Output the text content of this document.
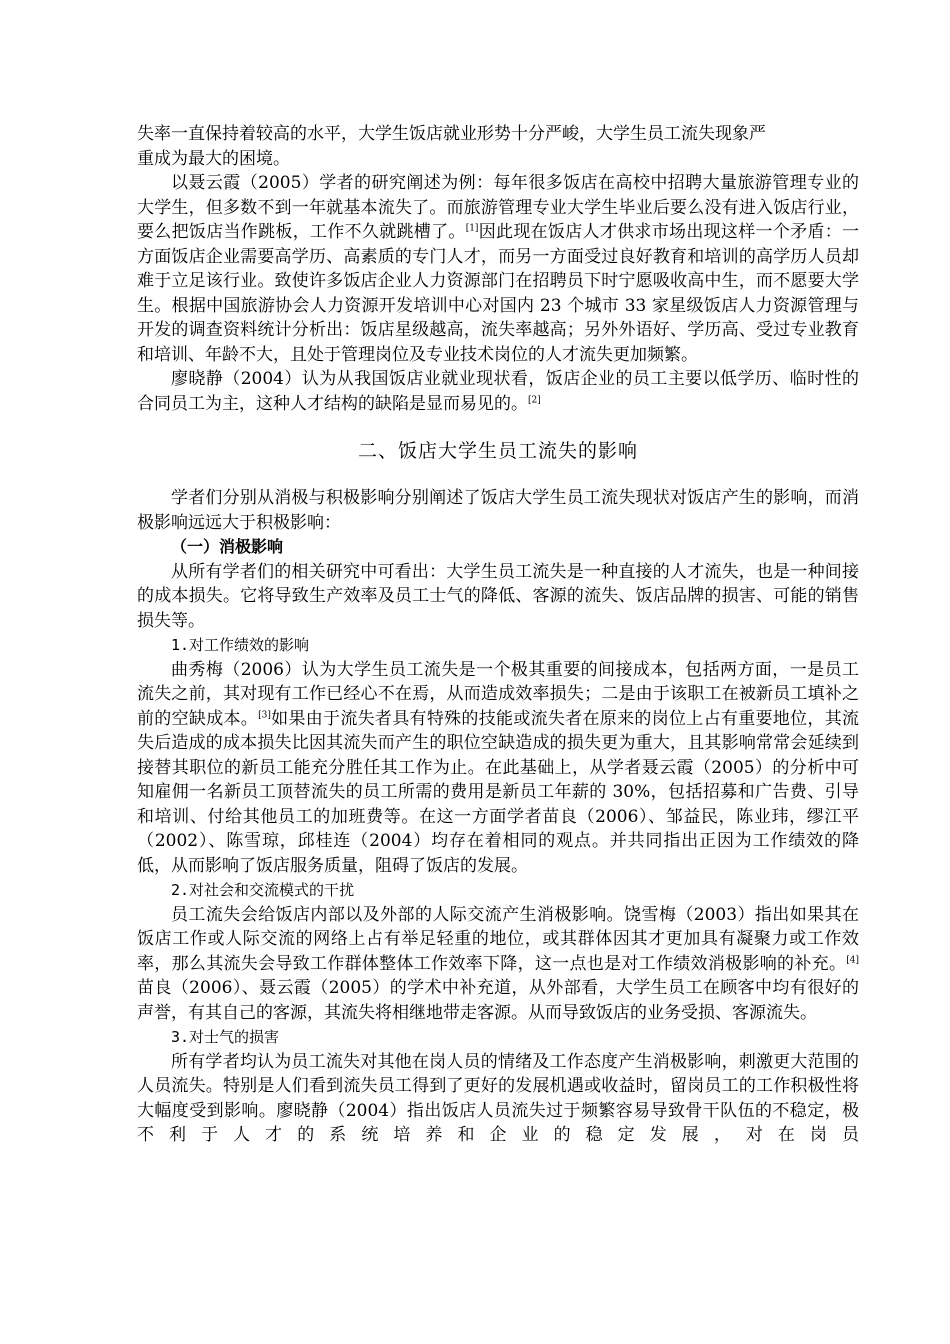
失率一直保持着较高的水平，大学生饭店就业形势十分严峻，大学生员工流失现象严
重成为最大的困境。

以聂云霞（2005）学者的研究阐述为例：每年很多饭店在高校中招聘大量旅游管理专业的大学生，但多数不到一年就基本流失了。而旅游管理专业大学生毕业后要么没有进入饭店行业，要么把饭店当作跳板，工作不久就跳槽了。[1]因此现在饭店人才供求市场出现这样一个矛盾：一方面饭店企业需要高学历、高素质的专门人才，而另一方面受过良好教育和培训的高学历人员却难于立足该行业。致使许多饭店企业人力资源部门在招聘员下时宁愿吸收高中生，而不愿要大学生。根据中国旅游协会人力资源开发培训中心对国内 23 个城市 33 家星级饭店人力资源管理与开发的调查资料统计分析出：饭店星级越高，流失率越高；另外外语好、学历高、受过专业教育和培训、年龄不大，且处于管理岗位及专业技术岗位的人才流失更加频繁。

廖晓静（2004）认为从我国饭店业就业现状看，饭店企业的员工主要以低学历、临时性的合同员工为主，这种人才结构的缺陷是显而易见的。[2]

二、饭店大学生员工流失的影响

学者们分别从消极与积极影响分别阐述了饭店大学生员工流失现状对饭店产生的影响，而消极影响远远大于积极影响：

（一）消极影响

从所有学者们的相关研究中可看出：大学生员工流失是一种直接的人才流失，也是一种间接的成本损失。它将导致生产效率及员工士气的降低、客源的流失、饭店品牌的损害、可能的销售损失等。

1.对工作绩效的影响

曲秀梅（2006）认为大学生员工流失是一个极其重要的间接成本，包括两方面，一是员工流失之前，其对现有工作已经心不在焉，从而造成效率损失；二是由于该职工在被新员工填补之前的空缺成本。[3]如果由于流失者具有特殊的技能或流失者在原来的岗位上占有重要地位，其流失后造成的成本损失比因其流失而产生的职位空缺造成的损失更为重大，且其影响常常会延续到接替其职位的新员工能充分胜任其工作为止。在此基础上，从学者聂云霞（2005）的分析中可知雇佣一名新员工顶替流失的员工所需的费用是新员工年薪的 30%，包括招募和广告费、引导和培训、付给其他员工的加班费等。在这一方面学者苗良（2006）、邹益民，陈业玮，缪江平（2002）、陈雪琼，邱桂连（2004）均存在着相同的观点。并共同指出正因为工作绩效的降低，从而影响了饭店服务质量，阻碍了饭店的发展。

2.对社会和交流模式的干扰

员工流失会给饭店内部以及外部的人际交流产生消极影响。饶雪梅（2003）指出如果其在饭店工作或人际交流的网络上占有举足轻重的地位，或其群体因其才更加具有凝聚力或工作效率，那么其流失会导致工作群体整体工作效率下降，这一点也是对工作绩效消极影响的补充。[4]苗良（2006）、聂云霞（2005）的学术中补充道，从外部看，大学生员工在顾客中均有很好的声誉，有其自己的客源，其流失将相继地带走客源。从而导致饭店的业务受损、客源流失。

3.对士气的损害

所有学者均认为员工流失对其他在岗人员的情绪及工作态度产生消极影响，刺激更大范围的人员流失。特别是人们看到流失员工得到了更好的发展机遇或收益时，留岗员工的工作积极性将大幅度受到影响。廖晓静（2004）指出饭店人员流失过于频繁容易导致骨干队伍的不稳定，极不利于人才的系统培养和企业的稳定发展，对在岗员
